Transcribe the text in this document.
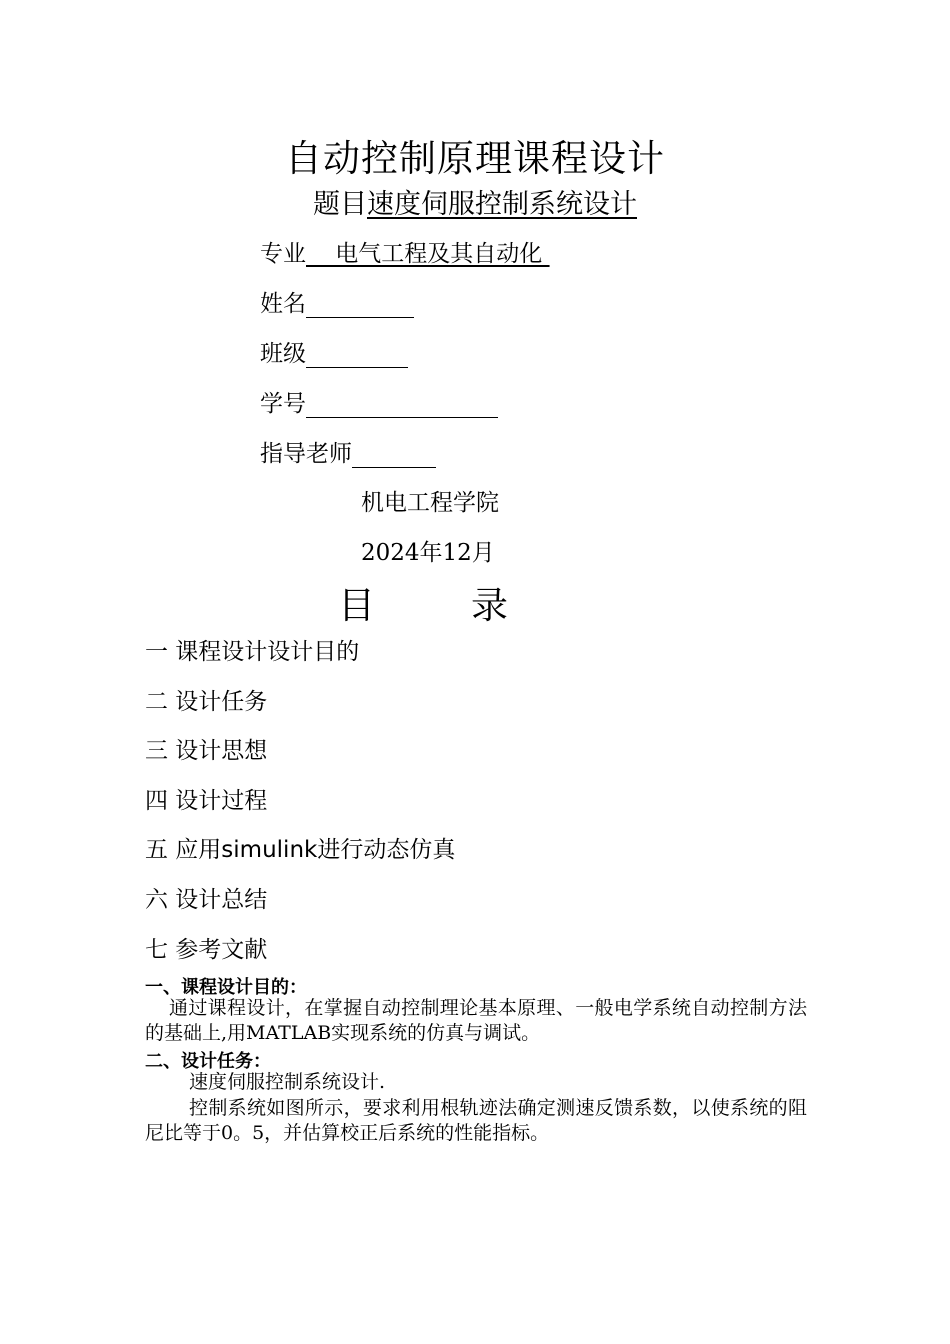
自动控制原理课程设计
题目速度伺服控制系统设计
专业    电气工程及其自动化
姓名
班级
学号
指导老师
机电工程学院
2024年12月
目	录
一 课程设计设计目的
二 设计任务
三 设计思想
四 设计过程
五 应用simulink进行动态仿真
六 设计总结
七 参考文献
一、课程设计目的：

通过课程设计，在掌握自动控制理论基本原理、一般电学系统自动控制方法的基础上,用MATLAB实现系统的仿真与调试。

二、设计任务：

速度伺服控制系统设计.

控制系统如图所示，要求利用根轨迹法确定测速反馈系数，以使系统的阻尼比等于0。5，并估算校正后系统的性能指标。
